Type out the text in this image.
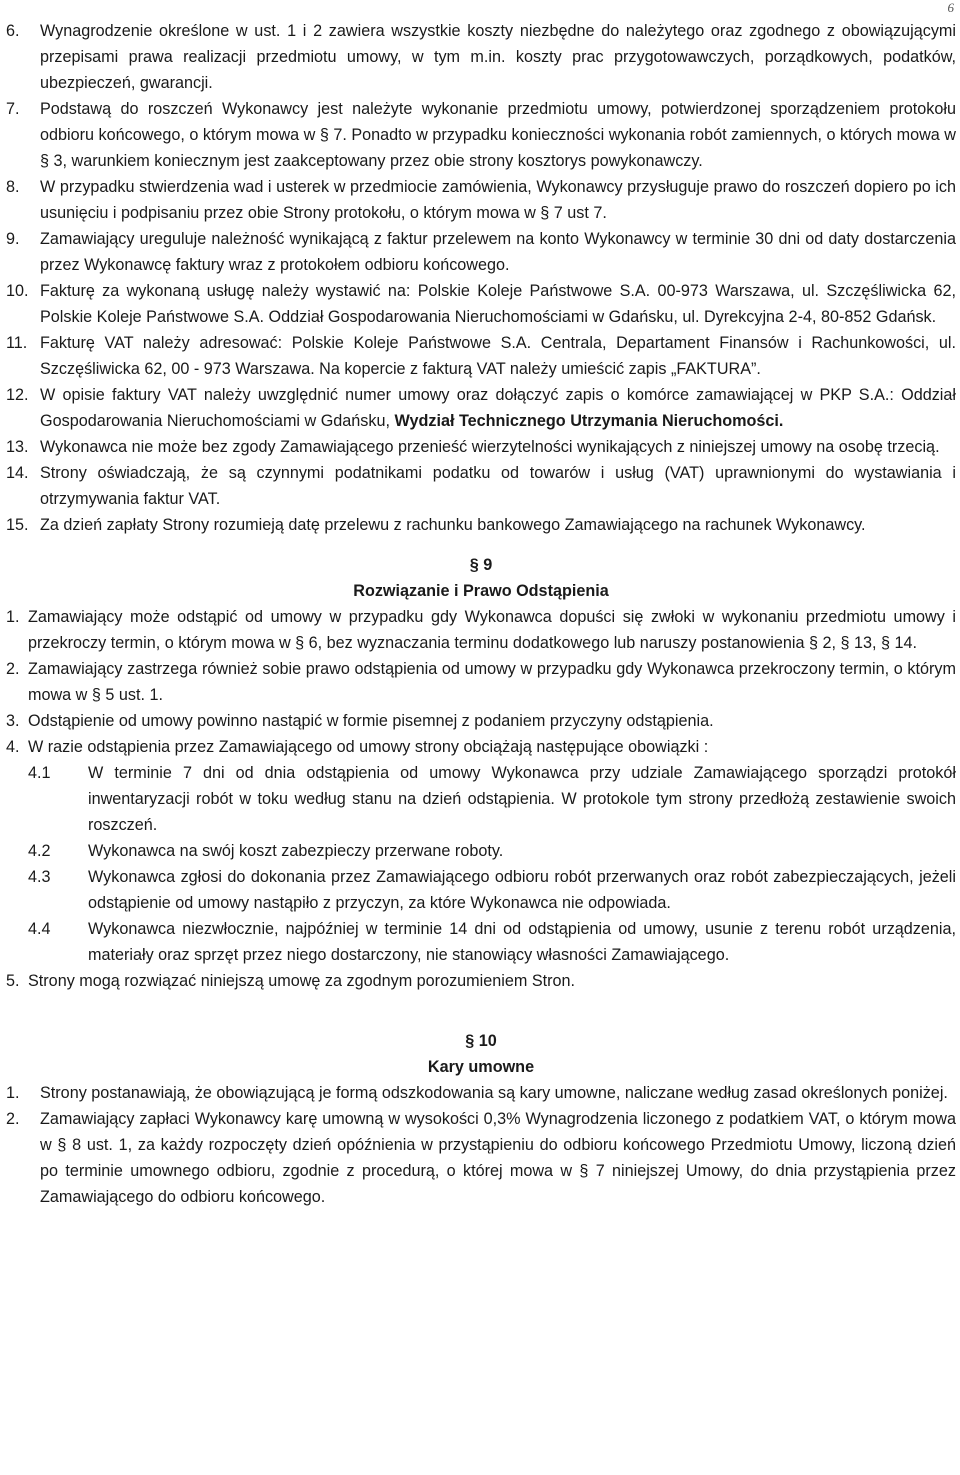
6
6.	Wynagrodzenie określone w ust. 1 i 2 zawiera wszystkie koszty niezbędne do należytego oraz zgodnego z obowiązującymi przepisami prawa realizacji przedmiotu umowy, w tym m.in. koszty prac przygotowawczych, porządkowych, podatków, ubezpieczeń, gwarancji.
7.	Podstawą do roszczeń Wykonawcy jest należyte wykonanie przedmiotu umowy, potwierdzonej sporządzeniem protokołu odbioru końcowego, o którym mowa w § 7. Ponadto w przypadku konieczności wykonania robót zamiennych, o których mowa w § 3, warunkiem koniecznym jest zaakceptowany przez obie strony kosztorys powykonawczy.
8.	W przypadku stwierdzenia wad i usterek w przedmiocie zamówienia, Wykonawcy przysługuje prawo do roszczeń dopiero po ich usunięciu i podpisaniu przez obie Strony protokołu, o którym mowa w § 7 ust 7.
9.	Zamawiający ureguluje należność wynikającą z faktur przelewem na konto Wykonawcy w terminie 30 dni od daty dostarczenia przez Wykonawcę faktury wraz z protokołem odbioru końcowego.
10. Fakturę za wykonaną usługę należy wystawić na: Polskie Koleje Państwowe S.A. 00-973 Warszawa, ul. Szczęśliwicka 62, Polskie Koleje Państwowe S.A. Oddział Gospodarowania Nieruchomościami w Gdańsku, ul. Dyrekcyjna 2-4, 80-852 Gdańsk.
11. Fakturę VAT należy adresować: Polskie Koleje Państwowe S.A. Centrala, Departament Finansów i Rachunkowości, ul. Szczęśliwicka 62, 00 - 973 Warszawa. Na kopercie z fakturą VAT należy umieścić zapis „FAKTURA”.
12. W opisie faktury VAT należy uwzględnić numer umowy oraz dołączyć zapis o komórce zamawiającej w PKP S.A.: Oddział Gospodarowania Nieruchomościami w Gdańsku, Wydział Technicznego Utrzymania Nieruchomości.
13. Wykonawca nie może bez zgody Zamawiającego przenieść wierzytelności wynikających z niniejszej umowy na osobę trzecią.
14. Strony oświadczają, że są czynnymi podatnikami podatku od towarów i usług (VAT) uprawnionymi do wystawiania i otrzymywania faktur VAT.
15. Za dzień zapłaty Strony rozumieją datę przelewu z rachunku bankowego Zamawiającego na rachunek Wykonawcy.
§ 9
Rozwiązanie i Prawo Odstąpienia
1. Zamawiający może odstąpić od umowy w przypadku gdy Wykonawca dopuści się zwłoki w wykonaniu przedmiotu umowy i przekroczy termin, o którym mowa w § 6, bez wyznaczania terminu dodatkowego lub naruszy postanowienia § 2, § 13, § 14.
2. Zamawiający zastrzega również sobie prawo odstąpienia od umowy w przypadku gdy Wykonawca przekroczony termin, o którym mowa w § 5 ust. 1.
3. Odstąpienie od umowy powinno nastąpić w formie pisemnej z podaniem przyczyny odstąpienia.
4. W razie odstąpienia przez Zamawiającego od umowy strony obciążają następujące obowiązki :
4.1	W terminie 7 dni od dnia odstąpienia od umowy Wykonawca przy udziale Zamawiającego sporządzi protokół inwentaryzacji robót w toku według stanu na dzień odstąpienia. W protokole tym strony przedłożą zestawienie swoich roszczeń.
4.2	Wykonawca na swój koszt zabezpieczy przerwane roboty.
4.3	Wykonawca zgłosi do dokonania przez Zamawiającego odbioru robót przerwanych oraz robót zabezpieczających, jeżeli odstąpienie od umowy nastąpiło z przyczyn, za które Wykonawca nie odpowiada.
4.4	Wykonawca niezwłocznie, najpóźniej w terminie 14 dni od odstąpienia od umowy, usunie z terenu robót urządzenia, materiały oraz sprzęt przez niego dostarczony, nie stanowiący własności Zamawiającego.
5. Strony mogą rozwiązać niniejszą umowę za zgodnym porozumieniem Stron.
§ 10
Kary umowne
1.	Strony postanawiają, że obowiązującą je formą odszkodowania są kary umowne, naliczane według zasad określonych poniżej.
2.	Zamawiający zapłaci Wykonawcy karę umowną w wysokości 0,3% Wynagrodzenia liczonego z podatkiem VAT, o którym mowa w § 8 ust. 1, za każdy rozpoczęty dzień opóźnienia w przystąpieniu do odbioru końcowego Przedmiotu Umowy, liczoną dzień po terminie umownego odbioru, zgodnie z procedurą, o której mowa w § 7 niniejszej Umowy, do dnia przystąpienia przez Zamawiającego do odbioru końcowego.
